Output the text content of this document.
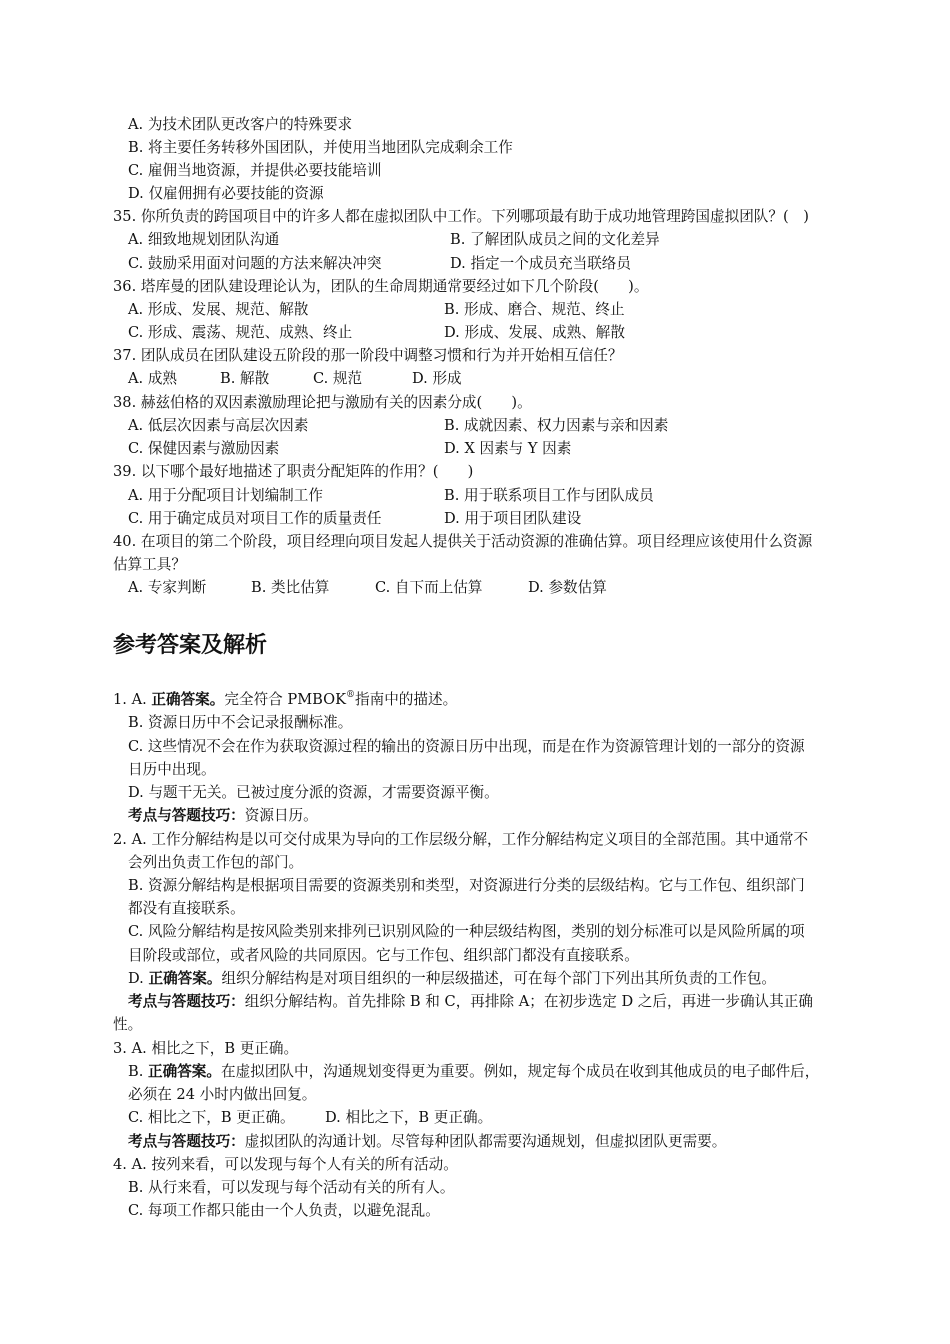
A. 为技术团队更改客户的特殊要求
B. 将主要任务转移外国团队，并使用当地团队完成剩余工作
C. 雇佣当地资源，并提供必要技能培训
D. 仅雇佣拥有必要技能的资源
35. 你所负责的跨国项目中的许多人都在虚拟团队中工作。下列哪项最有助于成功地管理跨国虚拟团队？(　)
A. 细致地规划团队沟通	B. 了解团队成员之间的文化差异
C. 鼓励采用面对问题的方法来解决冲突	D. 指定一个成员充当联络员
36. 塔库曼的团队建设理论认为，团队的生命周期通常要经过如下几个阶段(　　)。
A. 形成、发展、规范、解散	B. 形成、磨合、规范、终止
C. 形成、震荡、规范、成熟、终止	D. 形成、发展、成熟、解散
37. 团队成员在团队建设五阶段的那一阶段中调整习惯和行为并开始相互信任？
A. 成熟	B. 解散	C. 规范	D. 形成
38. 赫兹伯格的双因素激励理论把与激励有关的因素分成(　　)。
A. 低层次因素与高层次因素	B. 成就因素、权力因素与亲和因素
C. 保健因素与激励因素	D. X 因素与 Y 因素
39. 以下哪个最好地描述了职责分配矩阵的作用？(　　)
A. 用于分配项目计划编制工作	B. 用于联系项目工作与团队成员
C. 用于确定成员对项目工作的质量责任	D. 用于项目团队建设
40. 在项目的第二个阶段，项目经理向项目发起人提供关于活动资源的准确估算。项目经理应该使用什么资源
估算工具？
A. 专家判断	B. 类比估算	C. 自下而上估算	D. 参数估算
参考答案及解析
1. A. 正确答案。完全符合 PMBOK®指南中的描述。
B. 资源日历中不会记录报酬标准。
C. 这些情况不会在作为获取资源过程的输出的资源日历中出现，而是在作为资源管理计划的一部分的资源
日历中出现。
D. 与题干无关。已被过度分派的资源，才需要资源平衡。
考点与答题技巧：资源日历。
2. A. 工作分解结构是以可交付成果为导向的工作层级分解，工作分解结构定义项目的全部范围。其中通常不
会列出负责工作包的部门。
B. 资源分解结构是根据项目需要的资源类别和类型，对资源进行分类的层级结构。它与工作包、组织部门
都没有直接联系。
C. 风险分解结构是按风险类别来排列已识别风险的一种层级结构图，类别的划分标准可以是风险所属的项
目阶段或部位，或者风险的共同原因。它与工作包、组织部门都没有直接联系。
D. 正确答案。组织分解结构是对项目组织的一种层级描述，可在每个部门下列出其所负责的工作包。
考点与答题技巧：组织分解结构。首先排除 B 和 C，再排除 A；在初步选定 D 之后，再进一步确认其正确
性。
3. A. 相比之下，B 更正确。
B. 正确答案。在虚拟团队中，沟通规划变得更为重要。例如，规定每个成员在收到其他成员的电子邮件后，
必须在 24 小时内做出回复。
C. 相比之下，B 更正确。 D. 相比之下，B 更正确。
考点与答题技巧：虚拟团队的沟通计划。尽管每种团队都需要沟通规划，但虚拟团队更需要。
4. A. 按列来看，可以发现与每个人有关的所有活动。
B. 从行来看，可以发现与每个活动有关的所有人。
C. 每项工作都只能由一个人负责，以避免混乱。
